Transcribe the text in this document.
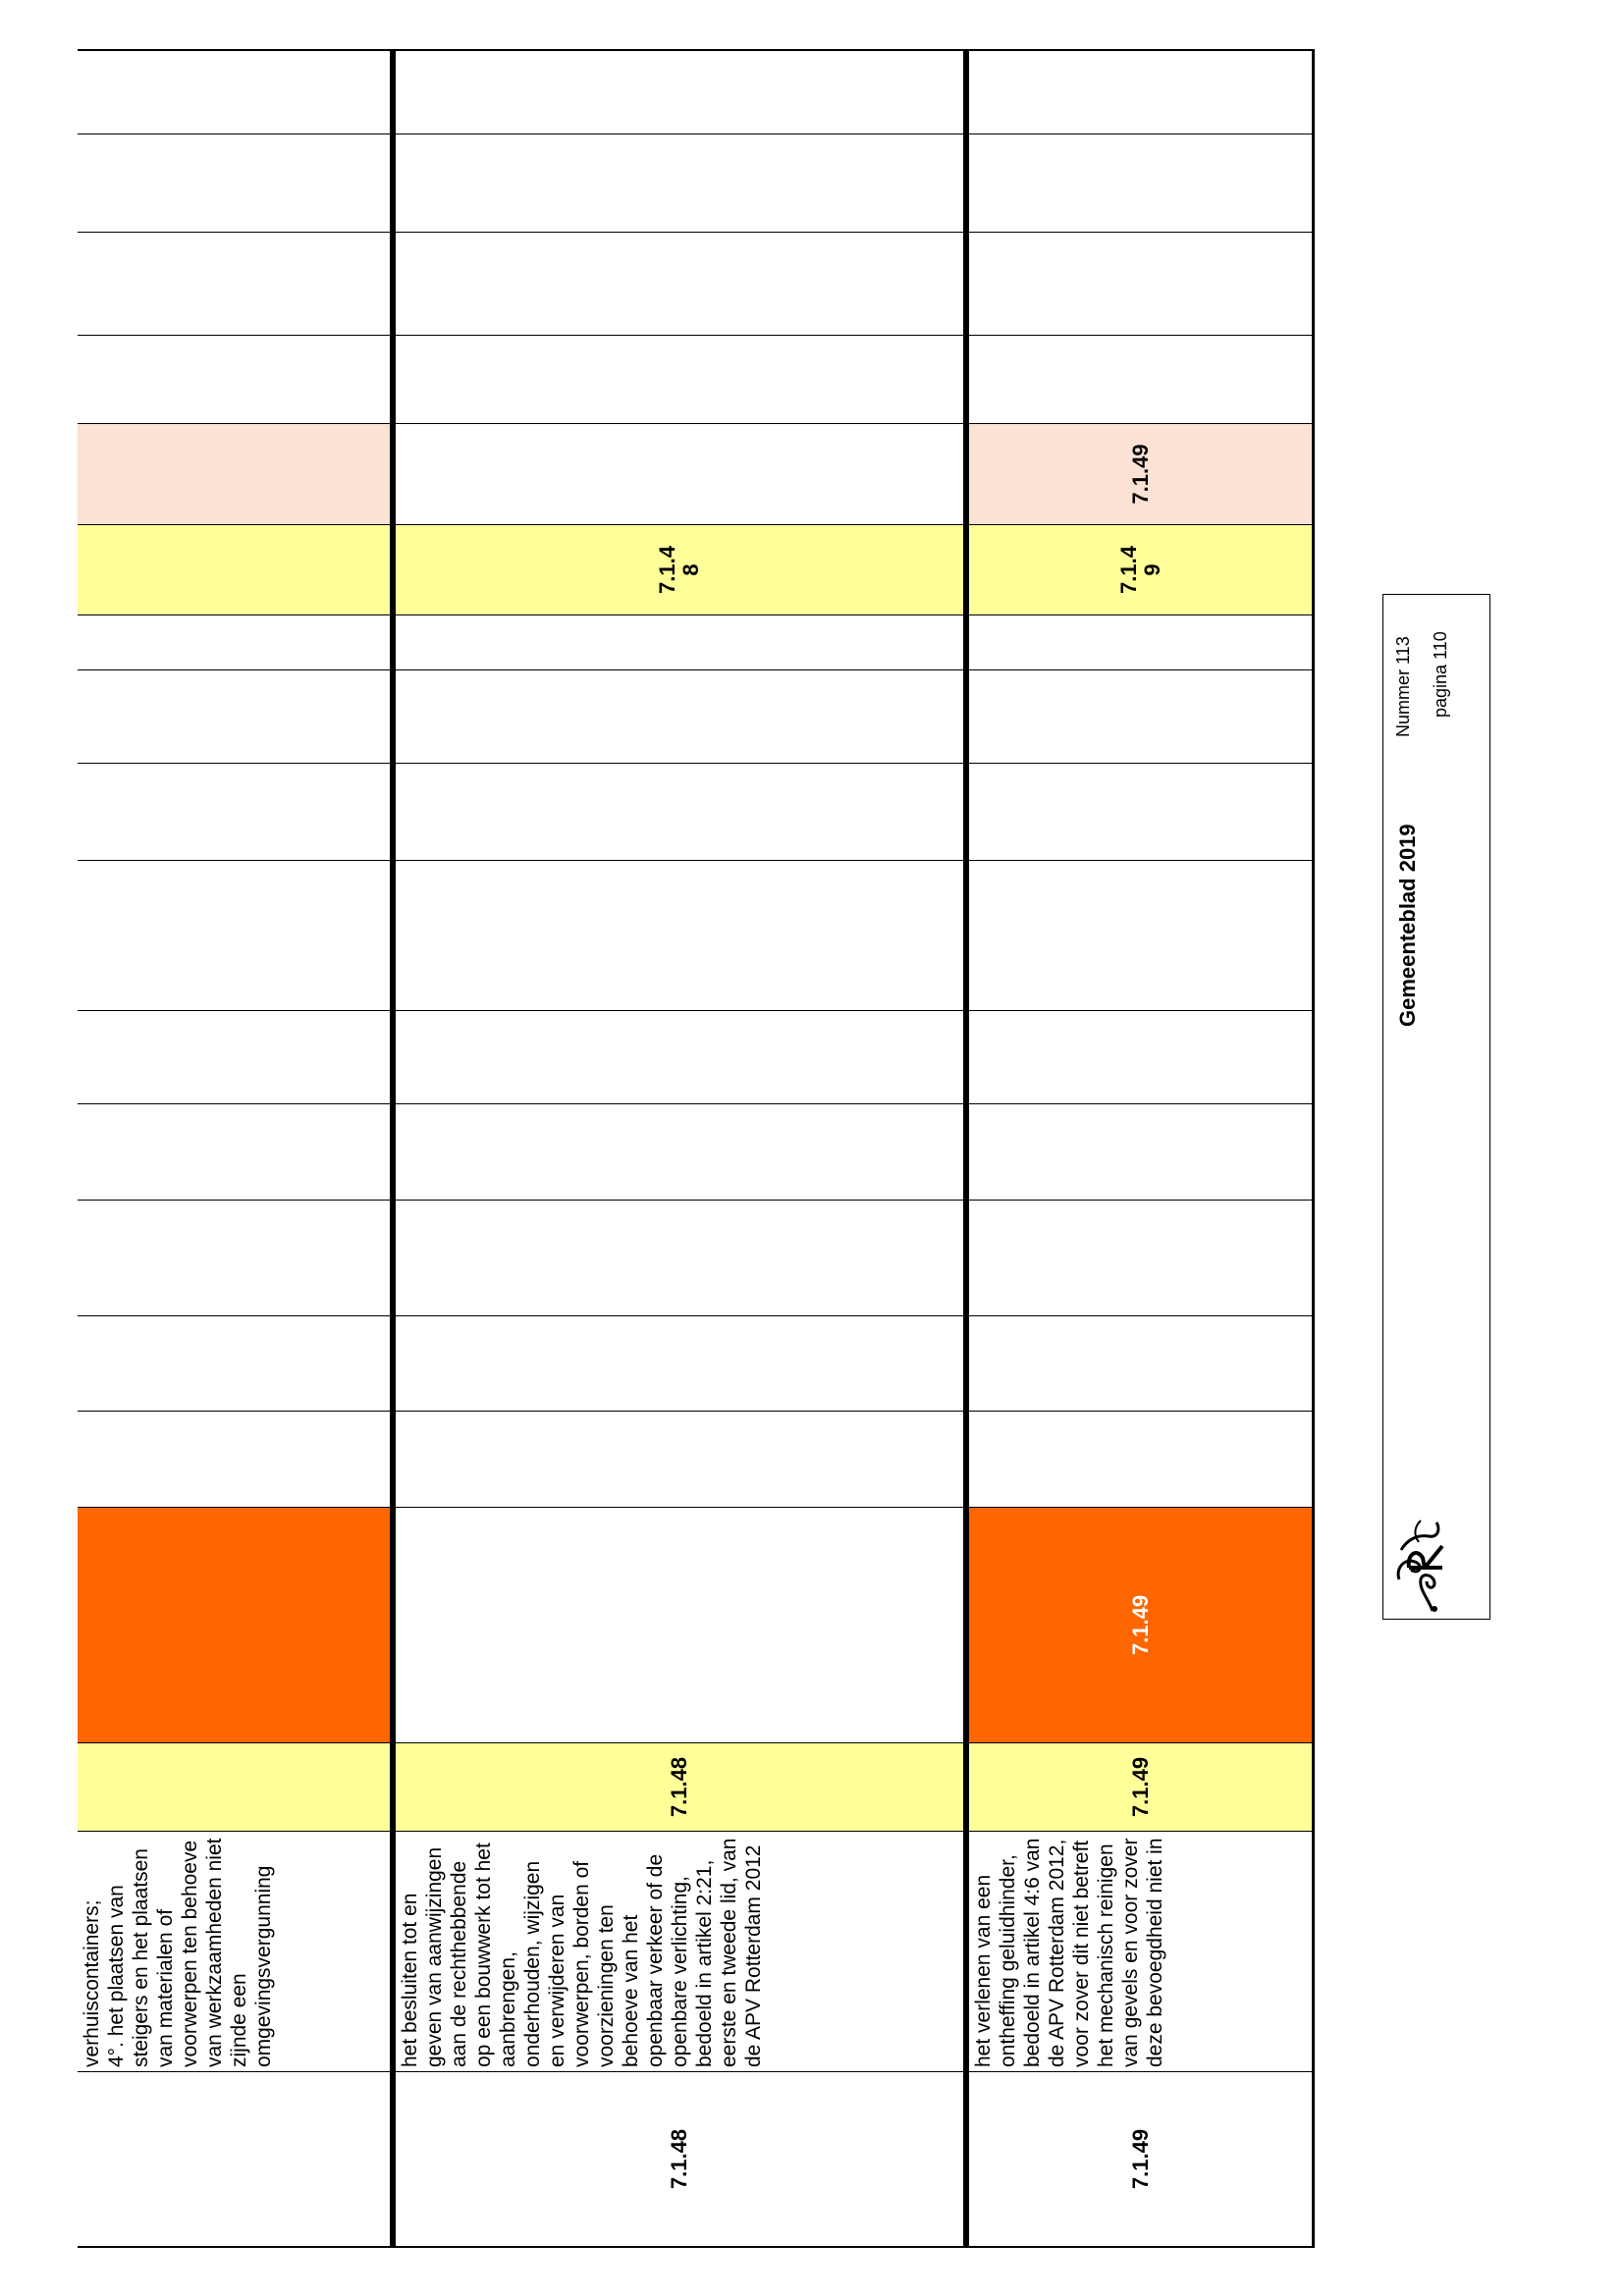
verhuiscontainers;
4°. het plaatsen van steigers en het plaatsen van materialen of voorwerpen ten behoeve van werkzaamheden niet zijnde een omgevingsvergunning
7.1.48
het besluiten tot en geven van aanwijzingen aan de rechthebbende op een bouwwerk tot het aanbrengen, onderhouden, wijzigen en verwijderen van voorwerpen, borden of voorzieningen ten behoeve van het openbaar verkeer of de openbare verlichting, bedoeld in artikel 2:21, eerste en tweede lid, van de APV Rotterdam 2012
7.1.48
7.1.4
8
7.1.49
het verlenen van een ontheffing geluidhinder, bedoeld in artikel 4:6 van de APV Rotterdam 2012, voor zover dit niet betreft het mechanisch reinigen van gevels en voor zover deze bevoegdheid niet in
7.1.49
7.1.49
7.1.4
9
7.1.49
Gemeenteblad 2019
Nummer 113 pagina 110
